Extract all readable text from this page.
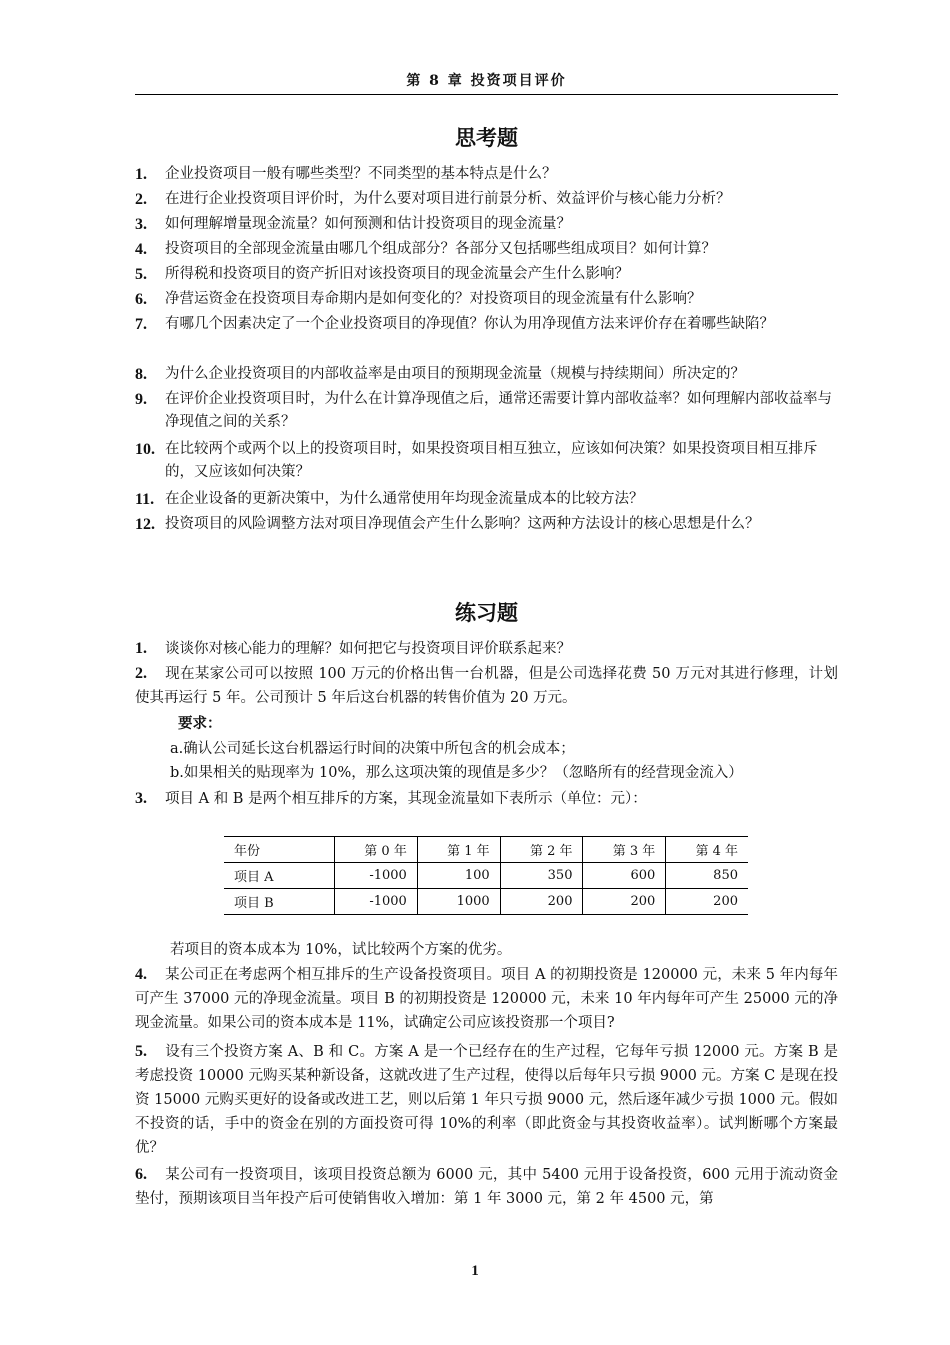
第 8 章 投资项目评价
思考题
1. 企业投资项目一般有哪些类型？不同类型的基本特点是什么？
2. 在进行企业投资项目评价时，为什么要对项目进行前景分析、效益评价与核心能力分析？
3. 如何理解增量现金流量？如何预测和估计投资项目的现金流量？
4. 投资项目的全部现金流量由哪几个组成部分？各部分又包括哪些组成项目？如何计算？
5. 所得税和投资项目的资产折旧对该投资项目的现金流量会产生什么影响？
6. 净营运资金在投资项目寿命期内是如何变化的？对投资项目的现金流量有什么影响？
7. 有哪几个因素决定了一个企业投资项目的净现值？你认为用净现值方法来评价存在着哪些缺陷？
8. 为什么企业投资项目的内部收益率是由项目的预期现金流量（规模与持续期间）所决定的？
9. 在评价企业投资项目时，为什么在计算净现值之后，通常还需要计算内部收益率？如何理解内部收益率与净现值之间的关系？
10. 在比较两个或两个以上的投资项目时，如果投资项目相互独立，应该如何决策？如果投资项目相互排斥的，又应该如何决策？
11. 在企业设备的更新决策中，为什么通常使用年均现金流量成本的比较方法？
12. 投资项目的风险调整方法对项目净现值会产生什么影响？这两种方法设计的核心思想是什么？
练习题
1. 谈谈你对核心能力的理解？如何把它与投资项目评价联系起来？
2. 现在某家公司可以按照 100 万元的价格出售一台机器，但是公司选择花费 50 万元对其进行修理，计划使其再运行 5 年。公司预计 5 年后这台机器的转售价值为 20 万元。
要求：
a.确认公司延长这台机器运行时间的决策中所包含的机会成本；
b.如果相关的贴现率为 10%，那么这项决策的现值是多少？（忽略所有的经营现金流入）
3. 项目 A 和 B 是两个相互排斥的方案，其现金流量如下表所示（单位：元）：
年份	第 0 年	第 1 年	第 2 年	第 3 年	第 4 年
项目 A	-1000	100	350	600	850
项目 B	-1000	1000	200	200	200
若项目的资本成本为 10%，试比较两个方案的优劣。
4. 某公司正在考虑两个相互排斥的生产设备投资项目。项目 A 的初期投资是 120000 元，未来 5 年内每年可产生 37000 元的净现金流量。项目 B 的初期投资是 120000 元，未来 10 年内每年可产生 25000 元的净现金流量。如果公司的资本成本是 11%，试确定公司应该投资那一个项目?
5. 设有三个投资方案 A、B 和 C。方案 A 是一个已经存在的生产过程，它每年亏损 12000 元。方案 B 是考虑投资 10000 元购买某种新设备，这就改进了生产过程，使得以后每年只亏损 9000 元。方案 C 是现在投资 15000 元购买更好的设备或改进工艺，则以后第 1 年只亏损 9000 元，然后逐年减少亏损 1000 元。假如不投资的话，手中的资金在别的方面投资可得 10%的利率（即此资金与其投资收益率）。试判断哪个方案最优？
6. 某公司有一投资项目，该项目投资总额为 6000 元，其中 5400 元用于设备投资，600 元用于流动资金垫付，预期该项目当年投产后可使销售收入增加：第 1 年 3000 元，第 2 年 4500 元，第
1
